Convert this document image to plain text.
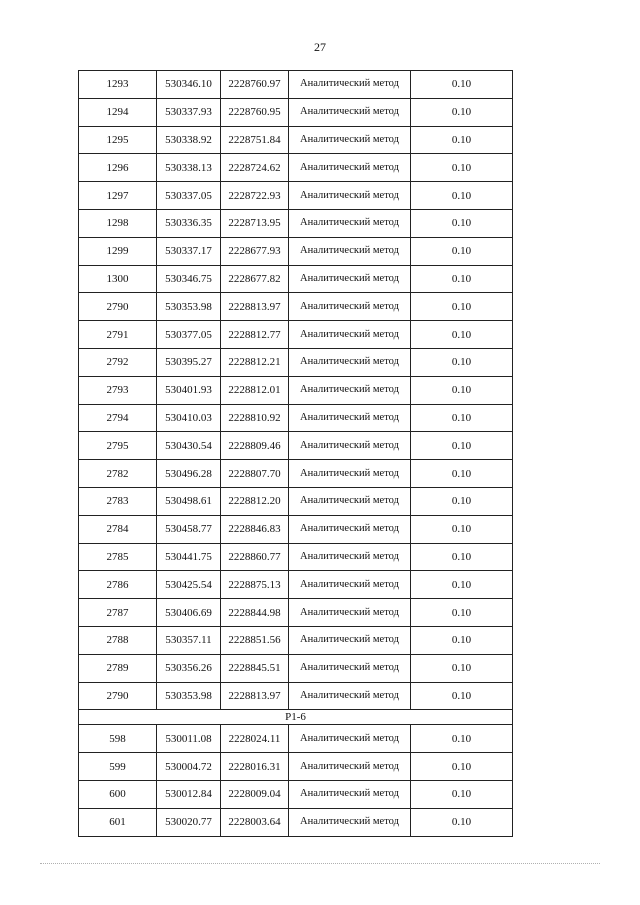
27
1293	530346.10	2228760.97	Аналитический метод	0.10
1294	530337.93	2228760.95	Аналитический метод	0.10
1295	530338.92	2228751.84	Аналитический метод	0.10
1296	530338.13	2228724.62	Аналитический метод	0.10
1297	530337.05	2228722.93	Аналитический метод	0.10
1298	530336.35	2228713.95	Аналитический метод	0.10
1299	530337.17	2228677.93	Аналитический метод	0.10
1300	530346.75	2228677.82	Аналитический метод	0.10
2790	530353.98	2228813.97	Аналитический метод	0.10
2791	530377.05	2228812.77	Аналитический метод	0.10
2792	530395.27	2228812.21	Аналитический метод	0.10
2793	530401.93	2228812.01	Аналитический метод	0.10
2794	530410.03	2228810.92	Аналитический метод	0.10
2795	530430.54	2228809.46	Аналитический метод	0.10
2782	530496.28	2228807.70	Аналитический метод	0.10
2783	530498.61	2228812.20	Аналитический метод	0.10
2784	530458.77	2228846.83	Аналитический метод	0.10
2785	530441.75	2228860.77	Аналитический метод	0.10
2786	530425.54	2228875.13	Аналитический метод	0.10
2787	530406.69	2228844.98	Аналитический метод	0.10
2788	530357.11	2228851.56	Аналитический метод	0.10
2789	530356.26	2228845.51	Аналитический метод	0.10
2790	530353.98	2228813.97	Аналитический метод	0.10
P1-6				
598	530011.08	2228024.11	Аналитический метод	0.10
599	530004.72	2228016.31	Аналитический метод	0.10
600	530012.84	2228009.04	Аналитический метод	0.10
601	530020.77	2228003.64	Аналитический метод	0.10
